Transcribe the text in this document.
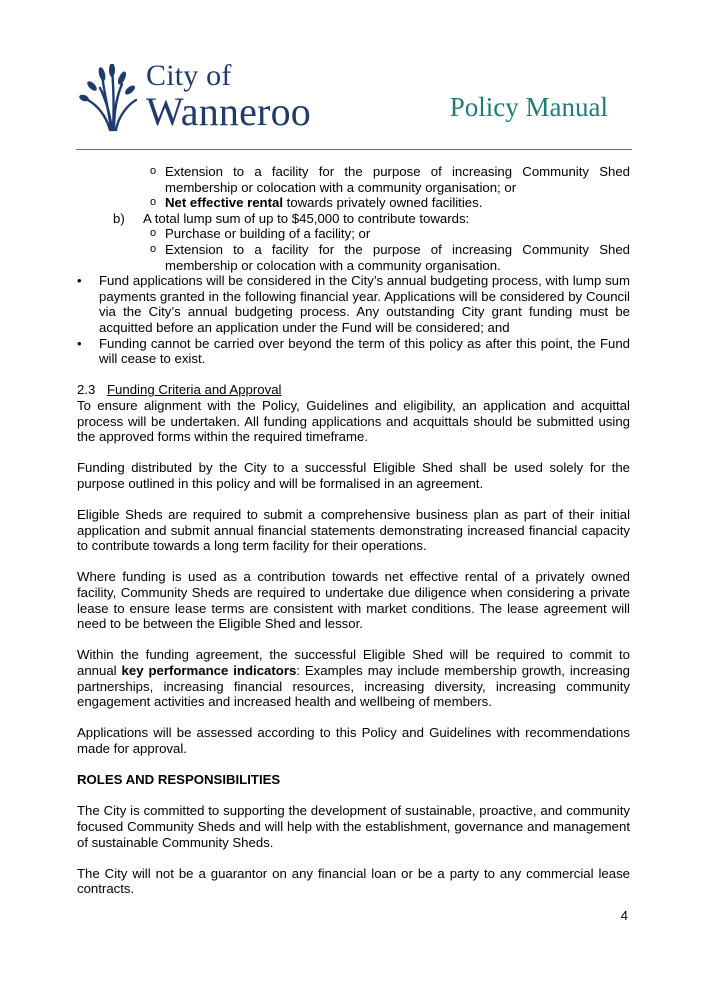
City of
Wanneroo	Policy Manual
o Extension to a facility for the purpose of increasing Community Shed membership or colocation with a community organisation; or
o Net effective rental towards privately owned facilities.
b)	A total lump sum of up to $45,000 to contribute towards:
o Purchase or building of a facility; or
o Extension to a facility for the purpose of increasing Community Shed membership or colocation with a community organisation.
•	Fund applications will be considered in the City’s annual budgeting process, with lump sum payments granted in the following financial year. Applications will be considered by Council via the City’s annual budgeting process. Any outstanding City grant funding must be acquitted before an application under the Fund will be considered; and
•	Funding cannot be carried over beyond the term of this policy as after this point, the Fund will cease to exist.

2.3 Funding Criteria and Approval

To ensure alignment with the Policy, Guidelines and eligibility, an application and acquittal process will be undertaken. All funding applications and acquittals should be submitted using the approved forms within the required timeframe.

Funding distributed by the City to a successful Eligible Shed shall be used solely for the purpose outlined in this policy and will be formalised in an agreement.

Eligible Sheds are required to submit a comprehensive business plan as part of their initial application and submit annual financial statements demonstrating increased financial capacity to contribute towards a long term facility for their operations.

Where funding is used as a contribution towards net effective rental of a privately owned facility, Community Sheds are required to undertake due diligence when considering a private lease to ensure lease terms are consistent with market conditions. The lease agreement will need to be between the Eligible Shed and lessor.

Within the funding agreement, the successful Eligible Shed will be required to commit to annual key performance indicators: Examples may include membership growth, increasing partnerships, increasing financial resources, increasing diversity, increasing community engagement activities and increased health and wellbeing of members.

Applications will be assessed according to this Policy and Guidelines with recommendations made for approval.

ROLES AND RESPONSIBILITIES

The City is committed to supporting the development of sustainable, proactive, and community focused Community Sheds and will help with the establishment, governance and management of sustainable Community Sheds.

The City will not be a guarantor on any financial loan or be a party to any commercial lease contracts.

4
